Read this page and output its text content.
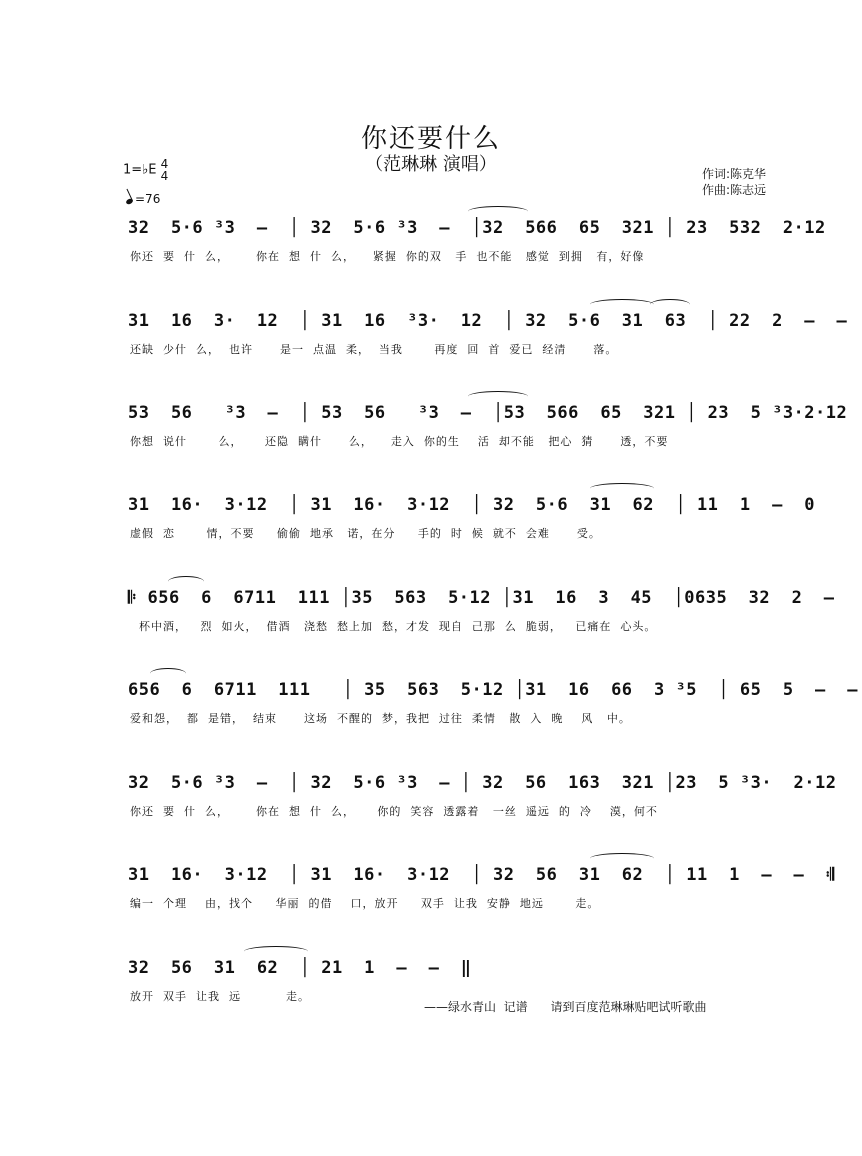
你还要什么
（范琳琳 演唱）	作词:陈克华
作曲:陈志远
1=♭E 4
4
=76
32  5·6 ³3  —  │ 32  5·6 ³3  —  │32  566  65  321 │ 23  532  2·12
你还  要  什  么，      你在  想  什  么，    紧握  你的双   手  也不能   感觉  到拥   有，好像
31  16  3·  12  │ 31  16  ³3·  12  │ 32  5·6  31  63  │ 22  2  —  —
还缺  少什  么，  也许      是一  点温  柔，  当我       再度  回  首  爱已  经清      落。
53  56   ³3  —  │ 53  56   ³3  —  │53  566  65  321 │ 23  5 ³3·2·12
你想  说什       么，     还隐  瞒什      么，    走入  你的生    活  却不能   把心  猜      透，不要
31  16·  3·12  │ 31  16·  3·12  │ 32  5·6  31  62  │ 11  1  —  0
虚假  恋       情，不要     偷偷  地承   诺，在分     手的  时  候  就不  会难      受。
𝄆 656  6  6711  111 │35  563  5·12 │31  16  3  45  │0635  32  2  —
杯中酒，   烈  如火，  借酒   浇愁  愁上加  愁，才发  现自  己那  么  脆弱，   已痛在  心头。
656  6  6711  111   │ 35  563  5·12 │31  16  66  3 ³5  │ 65  5  —  —
爱和怨，  都  是错，  结束      这场  不醒的  梦，我把  过往  柔情   散  入  晚    风   中。
32  5·6 ³3  —  │ 32  5·6 ³3  — │ 32  56  163  321 │23  5 ³3·  2·12
你还  要  什  么，      你在  想  什  么，     你的  笑容  透露着   一丝  遥远  的  冷    漠，何不
31  16·  3·12  │ 31  16·  3·12  │ 32  56  31  62  │ 11  1  —  —  𝄇
编一  个理    由，找个     华丽  的借    口，放开     双手  让我  安静  地远       走。
32  56  31  62  │ 21  1  —  —  ‖
放开  双手  让我  远          走。
——绿水青山  记谱      请到百度范琳琳贴吧试听歌曲
